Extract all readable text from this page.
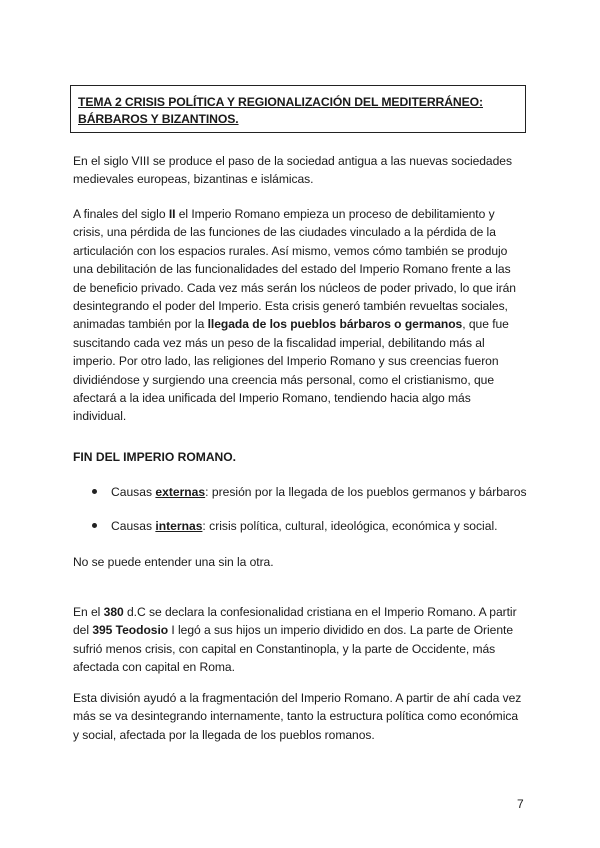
TEMA 2 CRISIS POLÍTICA Y REGIONALIZACIÓN DEL MEDITERRÁNEO:
BÁRBAROS Y BIZANTINOS.
En el siglo VIII se produce el paso de la sociedad antigua a las nuevas sociedades
medievales europeas, bizantinas e islámicas.
A finales del siglo II el Imperio Romano empieza un proceso de debilitamiento y
crisis, una pérdida de las funciones de las ciudades vinculado a la pérdida de la
articulación con los espacios rurales. Así mismo, vemos cómo también se produjo
una debilitación de las funcionalidades del estado del Imperio Romano frente a las
de beneficio privado. Cada vez más serán los núcleos de poder privado, lo que irán
desintegrando el poder del Imperio. Esta crisis generó también revueltas sociales,
animadas también por la llegada de los pueblos bárbaros o germanos, que fue
suscitando cada vez más un peso de la fiscalidad imperial, debilitando más al
imperio. Por otro lado, las religiones del Imperio Romano y sus creencias fueron
dividiéndose y surgiendo una creencia más personal, como el cristianismo, que
afectará a la idea unificada del Imperio Romano, tendiendo hacia algo más
individual.
FIN DEL IMPERIO ROMANO.
Causas externas: presión por la llegada de los pueblos germanos y bárbaros
Causas internas: crisis política, cultural, ideológica, económica y social.
No se puede entender una sin la otra.
En el 380 d.C se declara la confesionalidad cristiana en el Imperio Romano. A partir
del 395 Teodosio I legó a sus hijos un imperio dividido en dos. La parte de Oriente
sufrió menos crisis, con capital en Constantinopla, y la parte de Occidente, más
afectada con capital en Roma.
Esta división ayudó a la fragmentación del Imperio Romano. A partir de ahí cada vez
más se va desintegrando internamente, tanto la estructura política como económica
y social, afectada por la llegada de los pueblos romanos.
7
